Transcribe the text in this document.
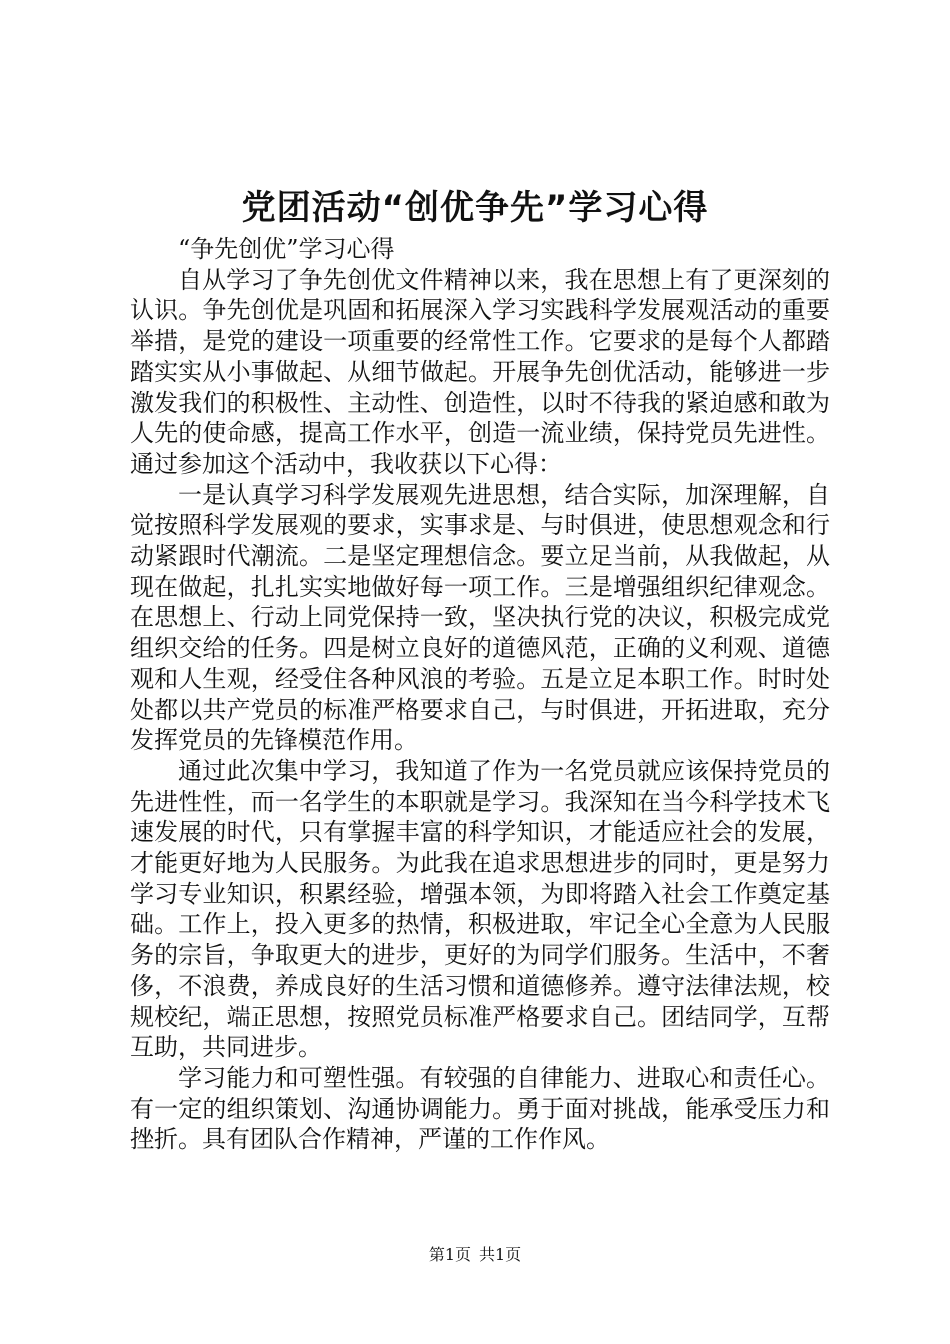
党团活动“创优争先”学习心得

“争先创优”学习心得

自从学习了争先创优文件精神以来，我在思想上有了更深刻的认识。争先创优是巩固和拓展深入学习实践科学发展观活动的重要举措，是党的建设一项重要的经常性工作。它要求的是每个人都踏踏实实从小事做起、从细节做起。开展争先创优活动，能够进一步激发我们的积极性、主动性、创造性，以时不待我的紧迫感和敢为人先的使命感，提高工作水平，创造一流业绩，保持党员先进性。通过参加这个活动中，我收获以下心得：

一是认真学习科学发展观先进思想，结合实际，加深理解，自觉按照科学发展观的要求，实事求是、与时俱进，使思想观念和行动紧跟时代潮流。二是坚定理想信念。要立足当前，从我做起，从现在做起，扎扎实实地做好每一项工作。三是增强组织纪律观念。在思想上、行动上同党保持一致，坚决执行党的决议，积极完成党组织交给的任务。四是树立良好的道德风范，正确的义利观、道德观和人生观，经受住各种风浪的考验。五是立足本职工作。时时处处都以共产党员的标准严格要求自己，与时俱进，开拓进取，充分发挥党员的先锋模范作用。

通过此次集中学习，我知道了作为一名党员就应该保持党员的先进性性，而一名学生的本职就是学习。我深知在当今科学技术飞速发展的时代，只有掌握丰富的科学知识，才能适应社会的发展，才能更好地为人民服务。为此我在追求思想进步的同时，更是努力学习专业知识，积累经验，增强本领，为即将踏入社会工作奠定基础。工作上，投入更多的热情，积极进取，牢记全心全意为人民服务的宗旨，争取更大的进步，更好的为同学们服务。生活中，不奢侈，不浪费，养成良好的生活习惯和道德修养。遵守法律法规，校规校纪，端正思想，按照党员标准严格要求自己。团结同学，互帮互助，共同进步。

学习能力和可塑性强。有较强的自律能力、进取心和责任心。有一定的组织策划、沟通协调能力。勇于面对挑战，能承受压力和挫折。具有团队合作精神，严谨的工作作风。

第1页 共1页
